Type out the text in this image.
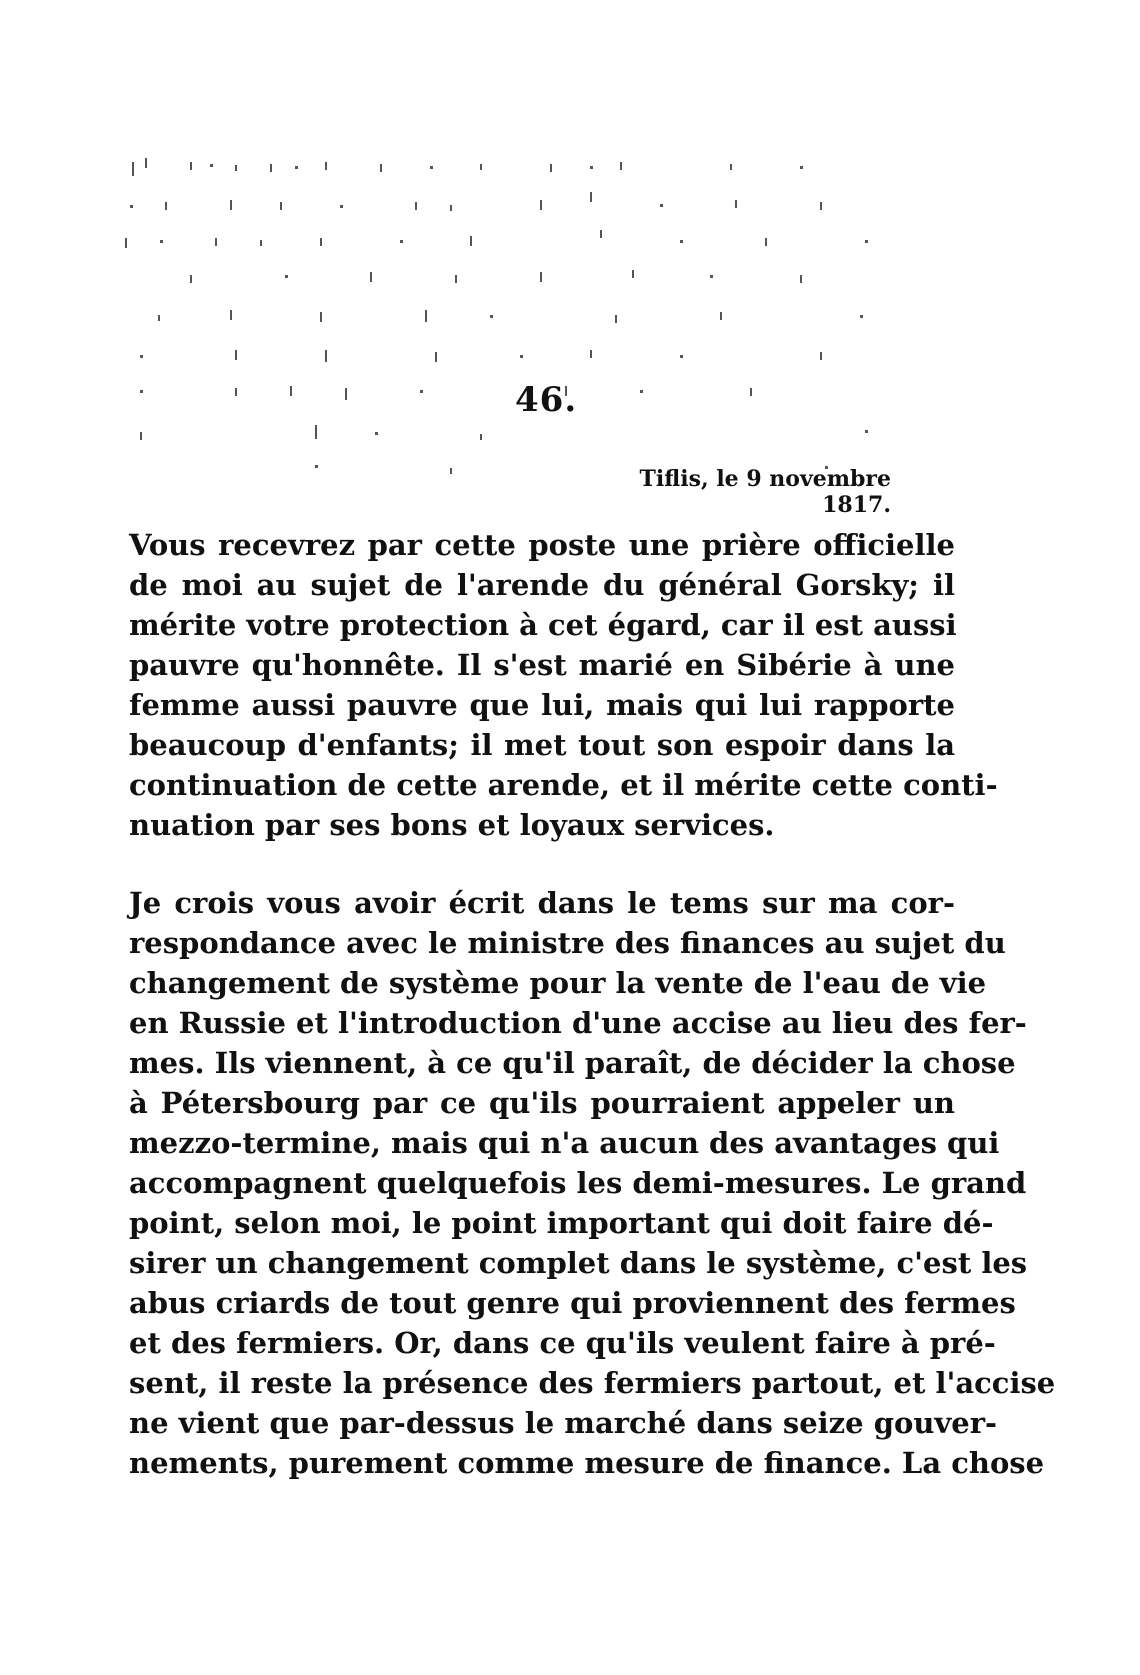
46.

Tiflis, le 9 novembre 1817.

Vous recevrez par cette poste une prière officielle
de moi au sujet de l'arende du général Gorsky; il
mérite votre protection à cet égard, car il est aussi
pauvre qu'honnête. Il s'est marié en Sibérie à une
femme aussi pauvre que lui, mais qui lui rapporte
beaucoup d'enfants; il met tout son espoir dans la
continuation de cette arende, et il mérite cette conti-
nuation par ses bons et loyaux services.

Je crois vous avoir écrit dans le tems sur ma cor-
respondance avec le ministre des finances au sujet du
changement de système pour la vente de l'eau de vie
en Russie et l'introduction d'une accise au lieu des fer-
mes. Ils viennent, à ce qu'il paraît, de décider la chose
à Pétersbourg par ce qu'ils pourraient appeler un
mezzo-termine, mais qui n'a aucun des avantages qui
accompagnent quelquefois les demi-mesures. Le grand
point, selon moi, le point important qui doit faire dé-
sirer un changement complet dans le système, c'est les
abus criards de tout genre qui proviennent des fermes
et des fermiers. Or, dans ce qu'ils veulent faire à pré-
sent, il reste la présence des fermiers partout, et l'accise
ne vient que par-dessus le marché dans seize gouver-
nements, purement comme mesure de finance. La chose
